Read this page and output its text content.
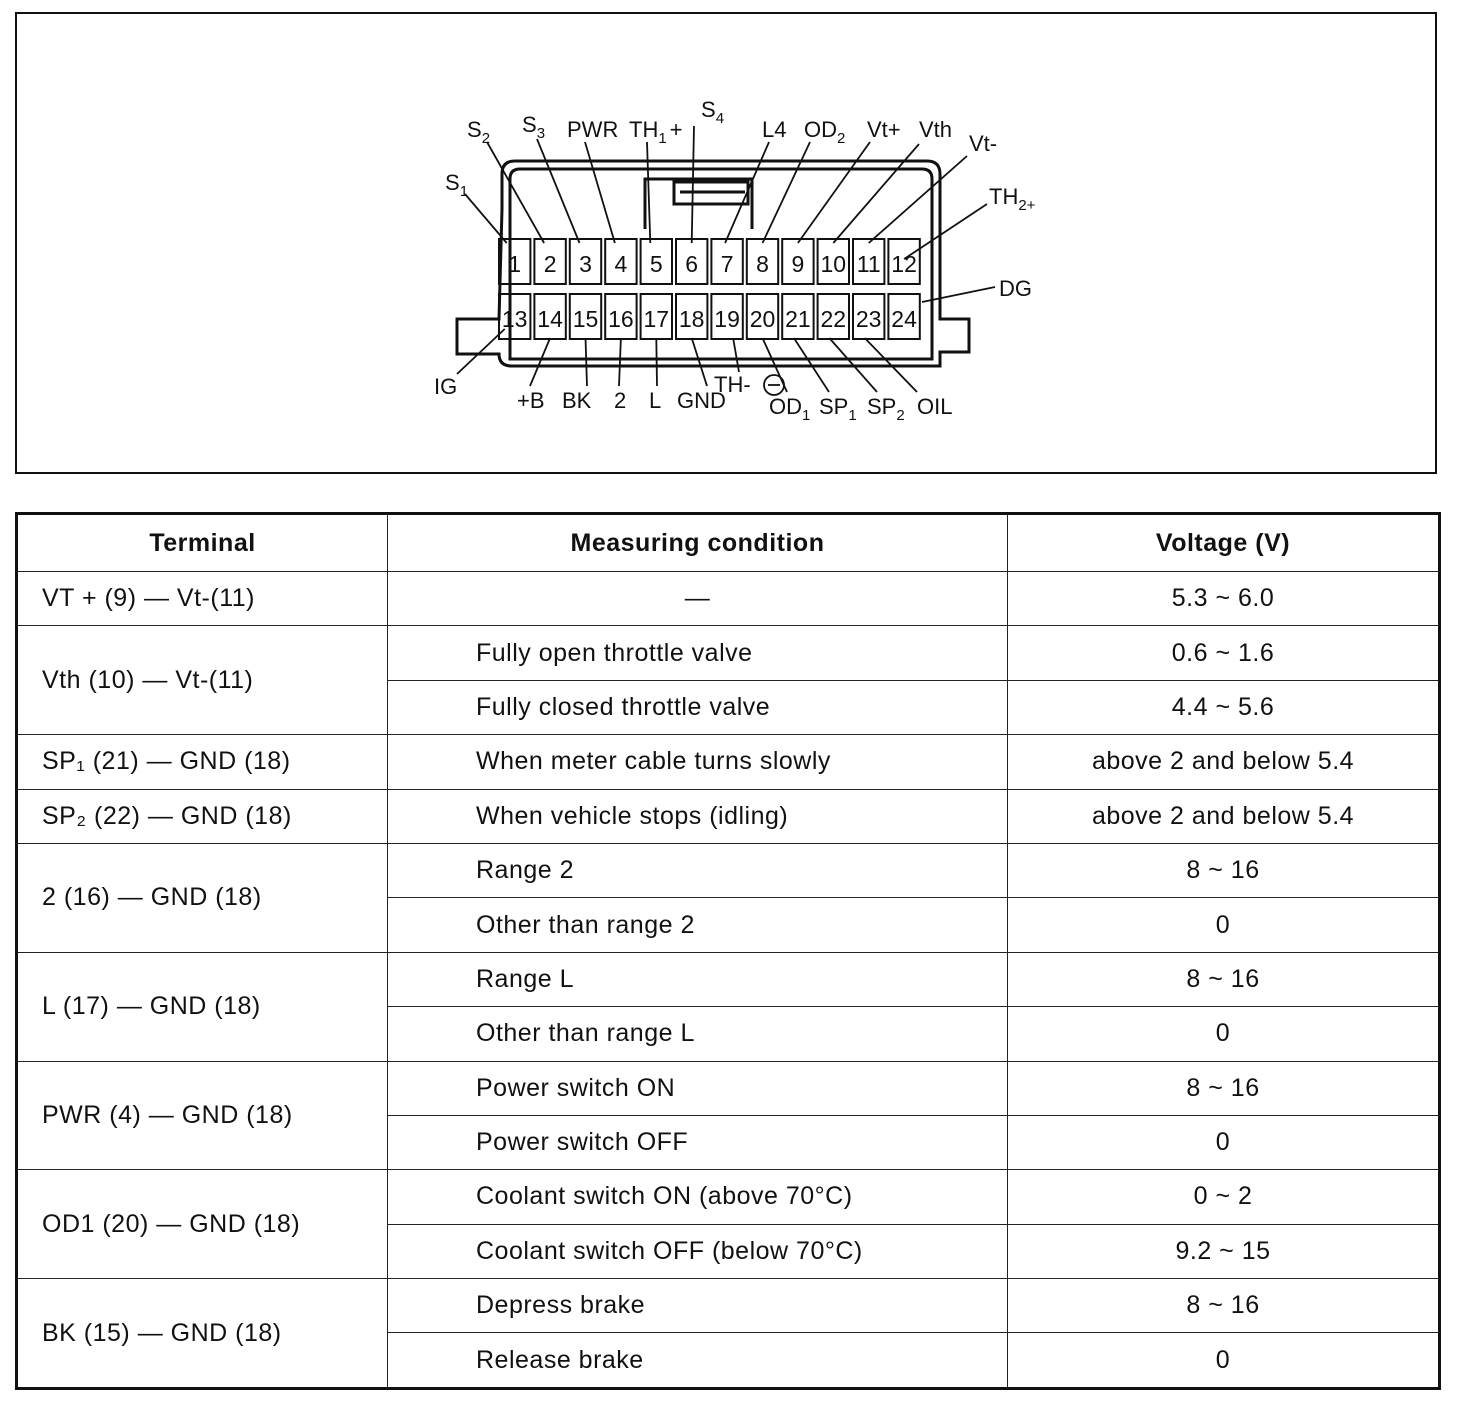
1 2 3 4 5 6 7 8 9 10 11 12
13 14 15 16 17 18 19 20 21 22 23 24
$S_1$
$S_2$
$S_3$ PWR $TH_1$ +
$S_4$ L4 $OD_2$ Vt+ Vth
Vt-
$TH_{2+}$
DG
IG
+B BK 2 L GND
TH-
$OD_1$ $SP_1$ $SP_2$ OIL
Terminal	Measuring condition	Voltage (V)
VT + (9) — Vt-(11)	—	5.3 ~ 6.0
Vth (10) — Vt-(11)	Fully open throttle valve	0.6 ~ 1.6
	Fully closed throttle valve	4.4 ~ 5.6
SP₁ (21) — GND (18)	When meter cable turns slowly	above 2 and below 5.4
SP₂ (22) — GND (18)	When vehicle stops (idling)	above 2 and below 5.4
2 (16) — GND (18)	Range 2	8 ~ 16
	Other than range 2	0
L (17) — GND (18)	Range L	8 ~ 16
	Other than range L	0
PWR (4) — GND (18)	Power switch ON	8 ~ 16
	Power switch OFF	0
OD1 (20) — GND (18)	Coolant switch ON (above 70°C)	0 ~ 2
	Coolant switch OFF (below 70°C)	9.2 ~ 15
BK (15) — GND (18)	Depress brake	8 ~ 16
	Release brake	0
